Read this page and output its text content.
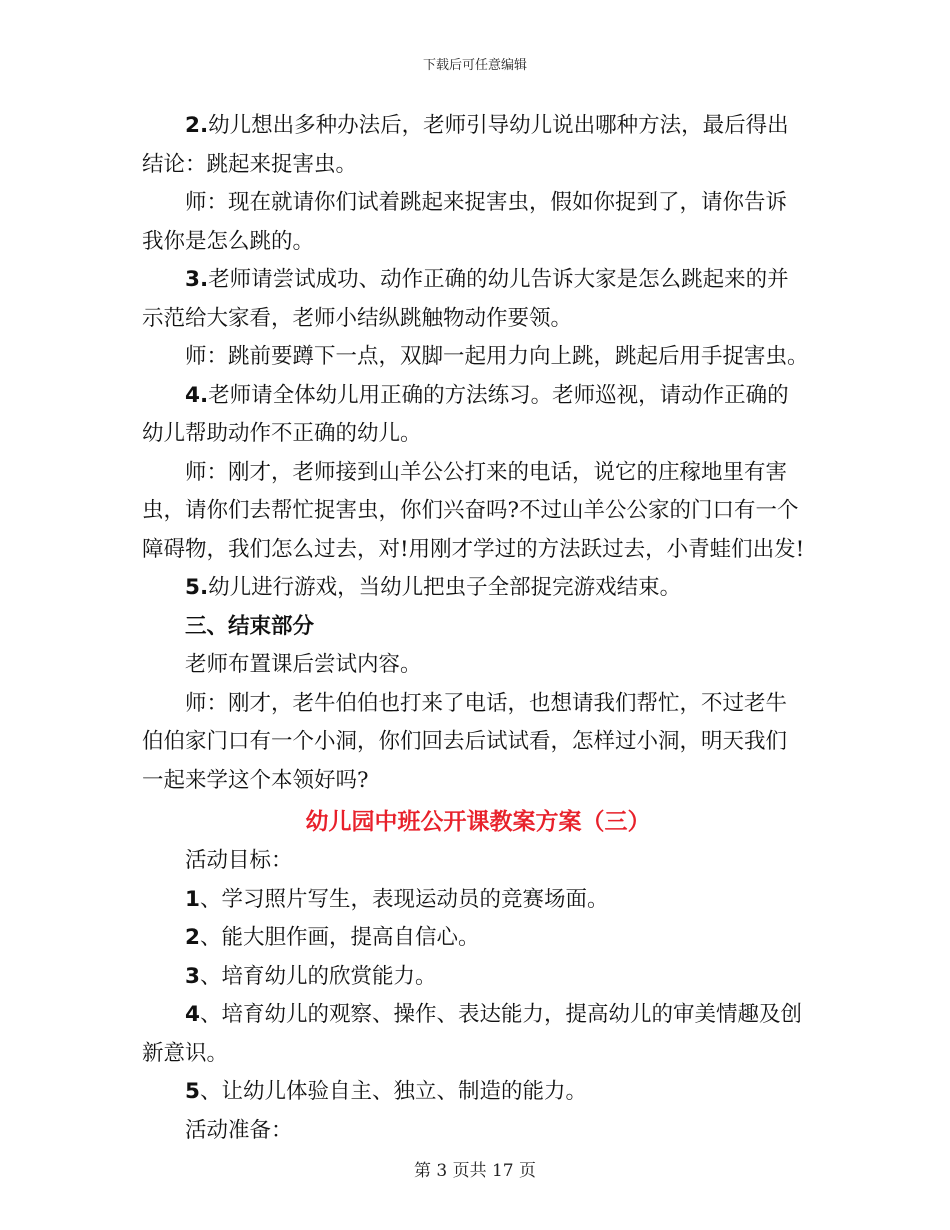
下载后可任意编辑

2.幼儿想出多种办法后，老师引导幼儿说出哪种方法，最后得出

结论：跳起来捉害虫。

师：现在就请你们试着跳起来捉害虫，假如你捉到了，请你告诉

我你是怎么跳的。

3.老师请尝试成功、动作正确的幼儿告诉大家是怎么跳起来的并

示范给大家看，老师小结纵跳触物动作要领。

师：跳前要蹲下一点，双脚一起用力向上跳，跳起后用手捉害虫。

4.老师请全体幼儿用正确的方法练习。老师巡视，请动作正确的

幼儿帮助动作不正确的幼儿。

师：刚才，老师接到山羊公公打来的电话，说它的庄稼地里有害

虫，请你们去帮忙捉害虫，你们兴奋吗?不过山羊公公家的门口有一个

障碍物，我们怎么过去，对!用刚才学过的方法跃过去，小青蛙们出发!

5.幼儿进行游戏，当幼儿把虫子全部捉完游戏结束。

三、结束部分

老师布置课后尝试内容。

师：刚才，老牛伯伯也打来了电话，也想请我们帮忙，不过老牛

伯伯家门口有一个小洞，你们回去后试试看，怎样过小洞，明天我们

一起来学这个本领好吗?

幼儿园中班公开课教案方案（三）

活动目标：

1、学习照片写生，表现运动员的竞赛场面。

2、能大胆作画，提高自信心。

3、培育幼儿的欣赏能力。

4、培育幼儿的观察、操作、表达能力，提高幼儿的审美情趣及创

新意识。

5、让幼儿体验自主、独立、制造的能力。

活动准备：

第 3 页共 17 页
